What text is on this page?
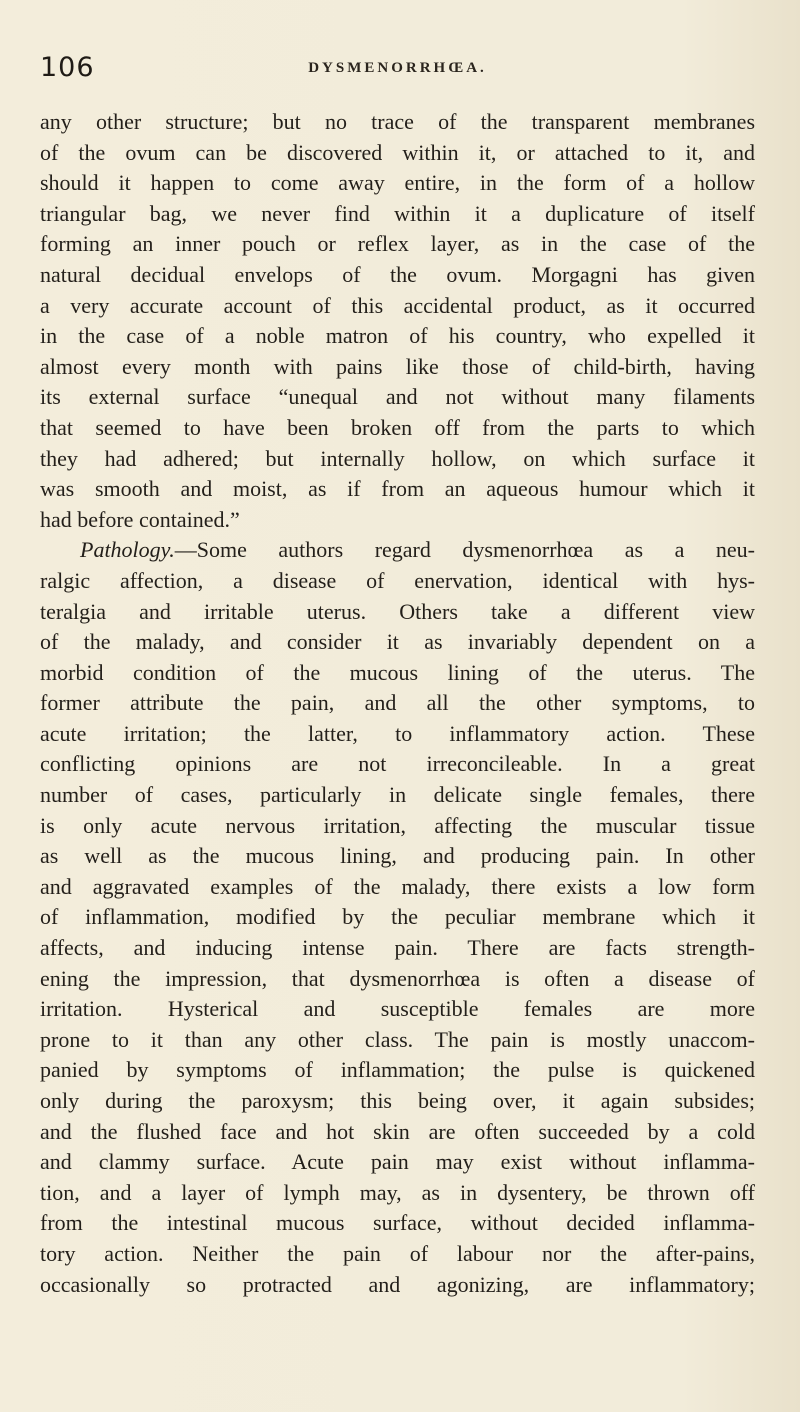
106	DYSMENORRHŒA.
any other structure; but no trace of the transparent membranes
of the ovum can be discovered within it, or attached to it, and
should it happen to come away entire, in the form of a hollow
triangular bag, we never find within it a duplicature of itself
forming an inner pouch or reflex layer, as in the case of the
natural decidual envelops of the ovum. Morgagni has given
a very accurate account of this accidental product, as it occurred
in the case of a noble matron of his country, who expelled it
almost every month with pains like those of child-birth, having
its external surface “unequal and not without many filaments
that seemed to have been broken off from the parts to which
they had adhered; but internally hollow, on which surface it
was smooth and moist, as if from an aqueous humour which it
had before contained.”
Pathology.—Some authors regard dysmenorrhœa as a neu-
ralgic affection, a disease of enervation, identical with hys-
teralgia and irritable uterus. Others take a different view
of the malady, and consider it as invariably dependent on a
morbid condition of the mucous lining of the uterus. The
former attribute the pain, and all the other symptoms, to
acute irritation; the latter, to inflammatory action. These
conflicting opinions are not irreconcileable. In a great
number of cases, particularly in delicate single females, there
is only acute nervous irritation, affecting the muscular tissue
as well as the mucous lining, and producing pain. In other
and aggravated examples of the malady, there exists a low form
of inflammation, modified by the peculiar membrane which it
affects, and inducing intense pain. There are facts strength-
ening the impression, that dysmenorrhœa is often a disease of
irritation. Hysterical and susceptible females are more
prone to it than any other class. The pain is mostly unaccom-
panied by symptoms of inflammation; the pulse is quickened
only during the paroxysm; this being over, it again subsides;
and the flushed face and hot skin are often succeeded by a cold
and clammy surface. Acute pain may exist without inflamma-
tion, and a layer of lymph may, as in dysentery, be thrown off
from the intestinal mucous surface, without decided inflamma-
tory action. Neither the pain of labour nor the after-pains,
occasionally so protracted and agonizing, are inflammatory;
